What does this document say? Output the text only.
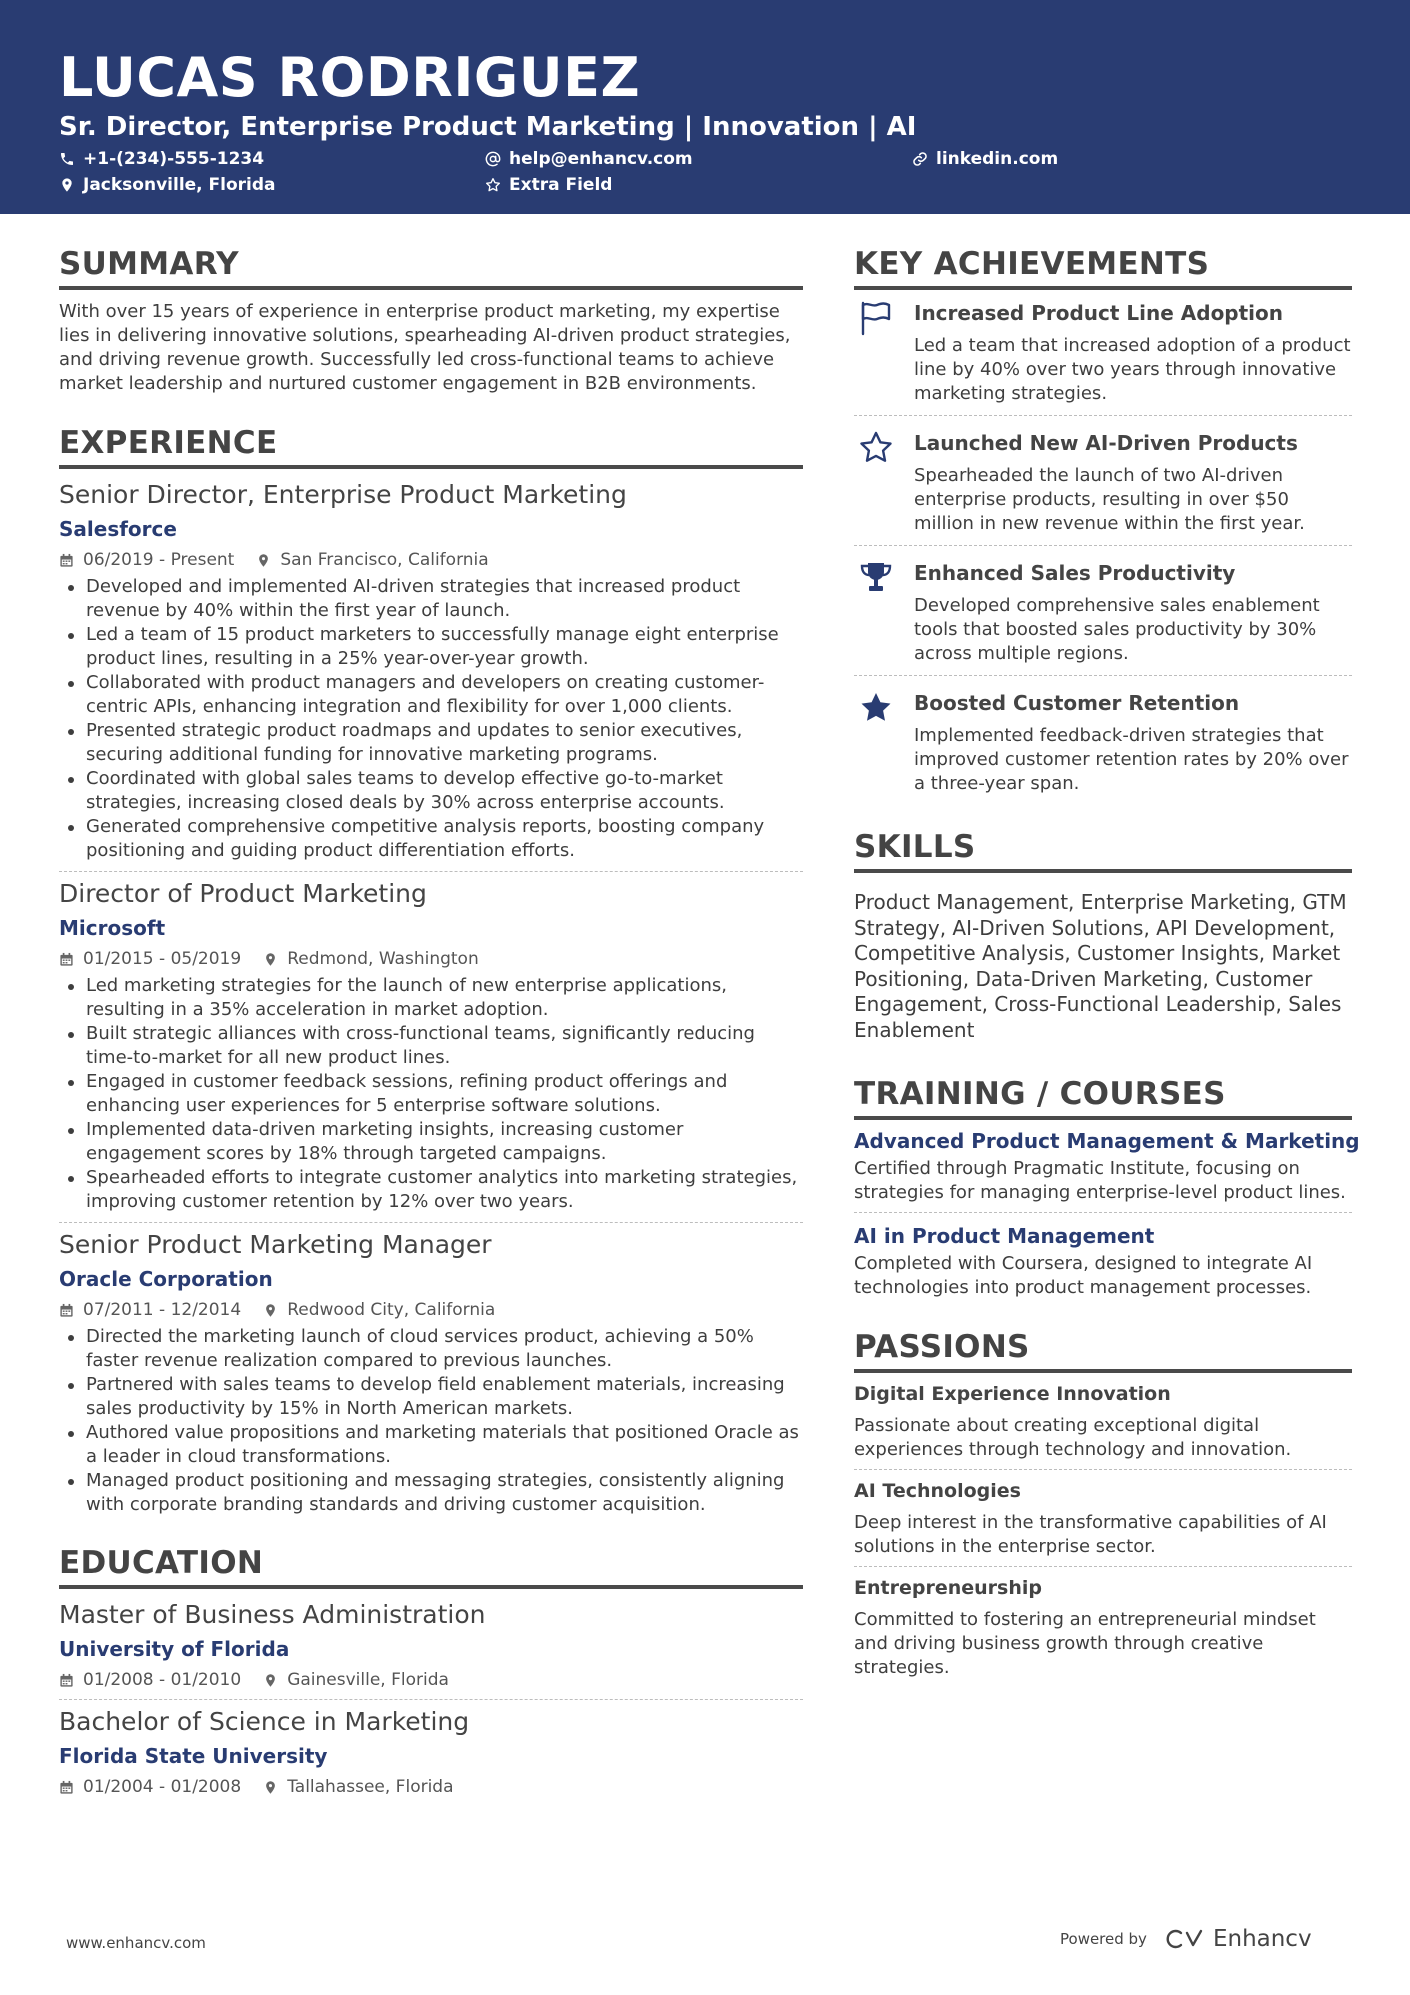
LUCAS RODRIGUEZ
Sr. Director, Enterprise Product Marketing | Innovation | AI
+1-(234)-555-1234	help@enhancv.com	linkedin.com
Jacksonville, Florida	Extra Field
SUMMARY
With over 15 years of experience in enterprise product marketing, my expertise lies in delivering innovative solutions, spearheading AI-driven product strategies, and driving revenue growth. Successfully led cross-functional teams to achieve market leadership and nurtured customer engagement in B2B environments.
EXPERIENCE
Senior Director, Enterprise Product Marketing
Salesforce
06/2019 - Present	San Francisco, California
Developed and implemented AI-driven strategies that increased product revenue by 40% within the first year of launch.
Led a team of 15 product marketers to successfully manage eight enterprise product lines, resulting in a 25% year-over-year growth.
Collaborated with product managers and developers on creating customer-centric APIs, enhancing integration and flexibility for over 1,000 clients.
Presented strategic product roadmaps and updates to senior executives, securing additional funding for innovative marketing programs.
Coordinated with global sales teams to develop effective go-to-market strategies, increasing closed deals by 30% across enterprise accounts.
Generated comprehensive competitive analysis reports, boosting company positioning and guiding product differentiation efforts.
Director of Product Marketing
Microsoft
01/2015 - 05/2019	Redmond, Washington
Led marketing strategies for the launch of new enterprise applications, resulting in a 35% acceleration in market adoption.
Built strategic alliances with cross-functional teams, significantly reducing time-to-market for all new product lines.
Engaged in customer feedback sessions, refining product offerings and enhancing user experiences for 5 enterprise software solutions.
Implemented data-driven marketing insights, increasing customer engagement scores by 18% through targeted campaigns.
Spearheaded efforts to integrate customer analytics into marketing strategies, improving customer retention by 12% over two years.
Senior Product Marketing Manager
Oracle Corporation
07/2011 - 12/2014	Redwood City, California
Directed the marketing launch of cloud services product, achieving a 50% faster revenue realization compared to previous launches.
Partnered with sales teams to develop field enablement materials, increasing sales productivity by 15% in North American markets.
Authored value propositions and marketing materials that positioned Oracle as a leader in cloud transformations.
Managed product positioning and messaging strategies, consistently aligning with corporate branding standards and driving customer acquisition.
EDUCATION
Master of Business Administration
University of Florida
01/2008 - 01/2010	Gainesville, Florida
Bachelor of Science in Marketing
Florida State University
01/2004 - 01/2008	Tallahassee, Florida
KEY ACHIEVEMENTS
Increased Product Line Adoption
Led a team that increased adoption of a product line by 40% over two years through innovative marketing strategies.
Launched New AI-Driven Products
Spearheaded the launch of two AI-driven enterprise products, resulting in over $50 million in new revenue within the first year.
Enhanced Sales Productivity
Developed comprehensive sales enablement tools that boosted sales productivity by 30% across multiple regions.
Boosted Customer Retention
Implemented feedback-driven strategies that improved customer retention rates by 20% over a three-year span.
SKILLS
Product Management, Enterprise Marketing, GTM Strategy, AI-Driven Solutions, API Development, Competitive Analysis, Customer Insights, Market Positioning, Data-Driven Marketing, Customer Engagement, Cross-Functional Leadership, Sales Enablement
TRAINING / COURSES
Advanced Product Management & Marketing
Certified through Pragmatic Institute, focusing on strategies for managing enterprise-level product lines.
AI in Product Management
Completed with Coursera, designed to integrate AI technologies into product management processes.
PASSIONS
Digital Experience Innovation
Passionate about creating exceptional digital experiences through technology and innovation.
AI Technologies
Deep interest in the transformative capabilities of AI solutions in the enterprise sector.
Entrepreneurship
Committed to fostering an entrepreneurial mindset and driving business growth through creative strategies.
www.enhancv.com	Powered by	Enhancv
